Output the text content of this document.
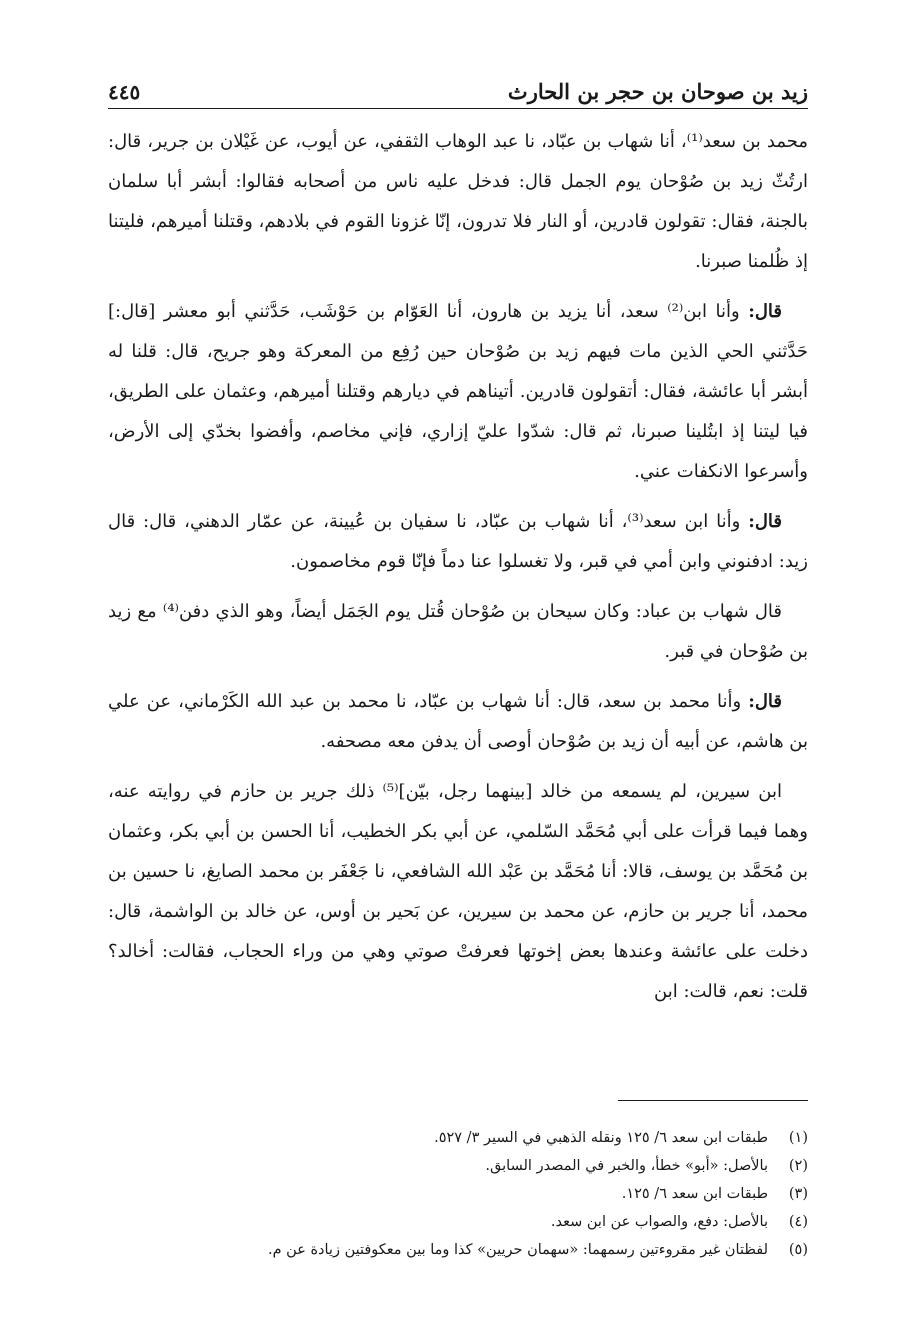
زيد بن صوحان بن حجر بن الحارث
٤٤٥

محمد بن سعد⁽¹⁾، أنا شهاب بن عبّاد، نا عبد الوهاب الثقفي، عن أيوب، عن غَيْلان بن جرير، قال: ارتُثّ زيد بن صُوْحان يوم الجمل قال: فدخل عليه ناس من أصحابه فقالوا: أبشر أبا سلمان بالجنة، فقال: تقولون قادرين، أو النار فلا تدرون، إنّا غزونا القوم في بلادهم، وقتلنا أميرهم، فليتنا إذ ظُلمنا صبرنا.

قال: وأنا ابن⁽²⁾ سعد، أنا يزيد بن هارون، أنا العَوّام بن حَوْشَب، حَدَّثني أبو معشر [قال:] حَدَّثني الحي الذين مات فيهم زيد بن صُوْحان حين رُفِع من المعركة وهو جريح، قال: قلنا له أبشر أبا عائشة، فقال: أتقولون قادرين. أتيناهم في ديارهم وقتلنا أميرهم، وعثمان على الطريق، فيا ليتنا إذ ابتُلينا صبرنا، ثم قال: شدّوا عليّ إزاري، فإني مخاصم، وأفضوا بخدّي إلى الأرض، وأسرعوا الانكفات عني.

قال: وأنا ابن سعد⁽³⁾، أنا شهاب بن عبّاد، نا سفيان بن عُيينة، عن عمّار الدهني، قال: قال زيد: ادفنوني وابن أمي في قبر، ولا تغسلوا عنا دماً فإنّا قوم مخاصمون.

قال شهاب بن عباد: وكان سيحان بن صُوْحان قُتل يوم الجَمَل أيضاً، وهو الذي دفن⁽⁴⁾ مع زيد بن صُوْحان في قبر.

قال: وأنا محمد بن سعد، قال: أنا شهاب بن عبّاد، نا محمد بن عبد الله الكَرْماني، عن علي بن هاشم، عن أبيه أن زيد بن صُوْحان أوصى أن يدفن معه مصحفه.

ابن سيرين، لم يسمعه من خالد [بينهما رجل، بيّن]⁽⁵⁾ ذلك جرير بن حازم في روايته عنه، وهما فيما قرأت على أبي مُحَمَّد السّلمي، عن أبي بكر الخطيب، أنا الحسن بن أبي بكر، وعثمان بن مُحَمَّد بن يوسف، قالا: أنا مُحَمَّد بن عَبْد الله الشافعي، نا جَعْفَر بن محمد الصايغ، نا حسين بن محمد، أنا جرير بن حازم، عن محمد بن سيرين، عن بَحير بن أوس، عن خالد بن الواشمة، قال: دخلت على عائشة وعندها بعض إخوتها فعرفتْ صوتي وهي من وراء الحجاب، فقالت: أخالد؟ قلت: نعم، قالت: ابن

(١)
طبقات ابن سعد ٦/ ١٢٥ ونقله الذهبي في السير ٣/ ٥٢٧.
(٢)
بالأصل: «أبو» خطأ، والخبر في المصدر السابق.
(٣)
طبقات ابن سعد ٦/ ١٢٥.
(٤)
بالأصل: دفع، والصواب عن ابن سعد.
(٥)
لفظتان غير مقروءتين رسمهما: «سهمان حريين» كذا وما بين معكوفتين زيادة عن م.
